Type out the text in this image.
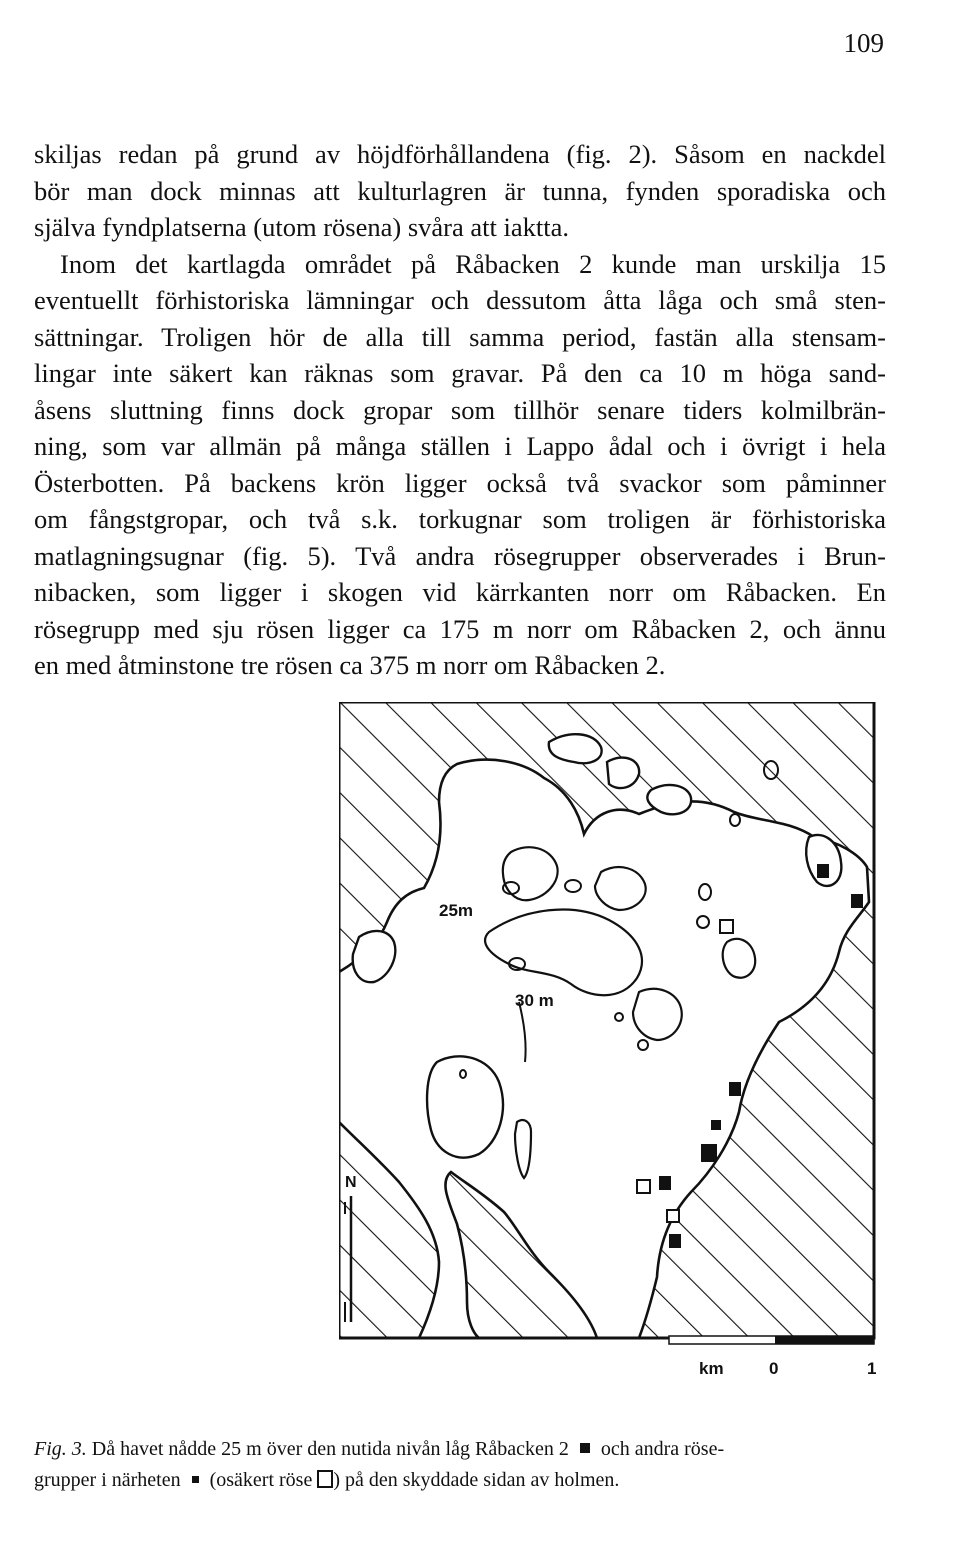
109
skiljas redan på grund av höjdförhållandena (fig. 2). Såsom en nackdel
bör man dock minnas att kulturlagren är tunna, fynden sporadiska och
själva fyndplatserna (utom rösena) svåra att iaktta.
Inom det kartlagda området på Råbacken 2 kunde man urskilja 15
eventuellt förhistoriska lämningar och dessutom åtta låga och små sten-
sättningar. Troligen hör de alla till samma period, fastän alla stensam-
lingar inte säkert kan räknas som gravar. På den ca 10 m höga sand-
åsens sluttning finns dock gropar som tillhör senare tiders kolmilbrän-
ning, som var allmän på många ställen i Lappo ådal och i övrigt i hela
Österbotten. På backens krön ligger också två svackor som påminner
om fångstgropar, och två s.k. torkugnar som troligen är förhistoriska
matlagningsugnar (fig. 5). Två andra rösegrupper observerades i Brun-
nibacken, som ligger i skogen vid kärrkanten norr om Råbacken. En
rösegrupp med sju rösen ligger ca 175 m norr om Råbacken 2, och ännu
en med åtminstone tre rösen ca 375 m norr om Råbacken 2.
25m
30 m
N
km	0	1
Fig. 3. Då havet nådde 25 m över den nutida nivån låg Råbacken 2 och andra röse-
grupper i närheten (osäkert röse ) på den skyddade sidan av holmen.
